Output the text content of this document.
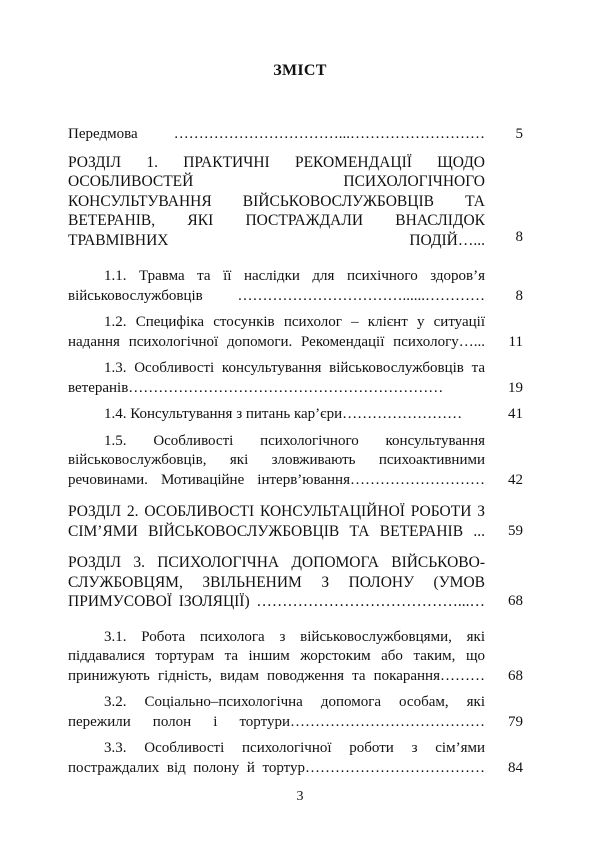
ЗМІСТ
Передмова ……………………………...………………………	5
РОЗДІЛ 1. ПРАКТИЧНІ РЕКОМЕНДАЦІЇ ЩОДО ОСОБЛИВОСТЕЙ ПСИХОЛОГІЧНОГО КОНСУЛЬТУВАННЯ ВІЙСЬКОВОСЛУЖБОВЦІВ ТА ВЕТЕРАНІВ, ЯКІ ПОСТРАЖДАЛИ ВНАСЛІДОК ТРАВМІВНИХ ПОДІЙ…...	8
1.1. Травма та її наслідки для психічного здоров’я військовослужбовців ……………………………......…………	8
1.2. Специфіка стосунків психолог – клієнт у ситуації надання психологічної допомоги. Рекомендації психологу…...	11
1.3. Особливості консультування військовослужбовців та ветеранів………………………………………………………	19
1.4. Консультування з питань кар’єри……………………	41
1.5. Особливості психологічного консультування військовослужбовців, які зловживають психоактивними речовинами. Мотиваційне інтерв’ювання………………………	42
РОЗДІЛ 2. ОСОБЛИВОСТІ КОНСУЛЬТАЦІЙНОЇ РОБОТИ З СІМ’ЯМИ ВІЙСЬКОВОСЛУЖБОВЦІВ ТА ВЕТЕРАНІВ ...	59
РОЗДІЛ 3. ПСИХОЛОГІЧНА ДОПОМОГА ВІЙСЬКОВО-СЛУЖБОВЦЯМ, ЗВІЛЬНЕНИМ З ПОЛОНУ (УМОВ ПРИМУСОВОЇ ІЗОЛЯЦІЇ) …………………………………...…	68
3.1. Робота психолога з військовослужбовцями, які піддавалися тортурам та іншим жорстоким або таким, що принижують гідність, видам поводження та покарання………	68
3.2. Соціально–психологічна допомога особам, які пережили полон і тортури…………………………………	79
3.3. Особливості психологічної роботи з сім’ями постраждалих від полону й тортур………………………………	84
3
